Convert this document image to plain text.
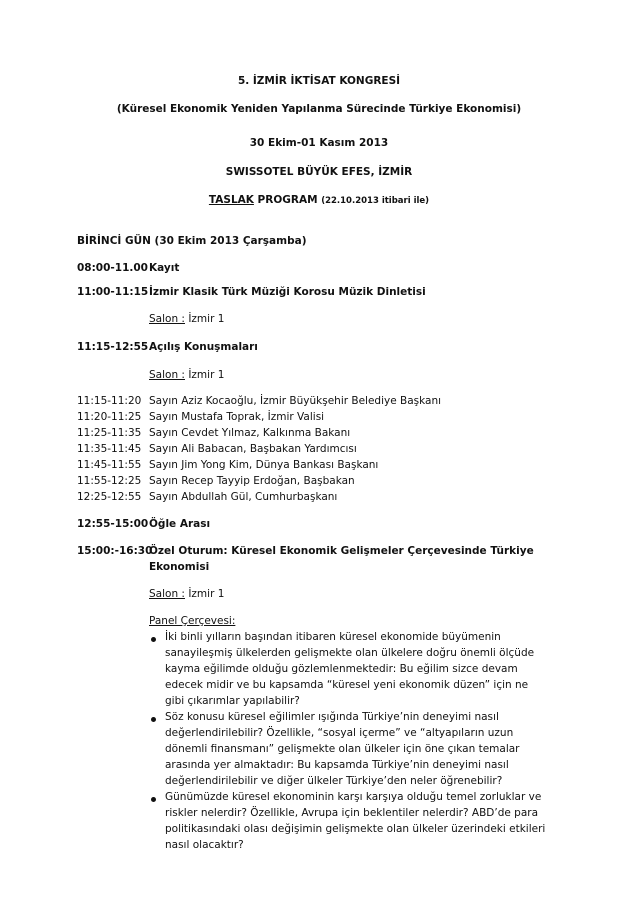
5. İZMİR İKTİSAT KONGRESİ
(Küresel Ekonomik Yeniden Yapılanma Sürecinde Türkiye Ekonomisi)
30 Ekim-01 Kasım 2013
SWISSOTEL BÜYÜK EFES, İZMİR
TASLAK PROGRAM (22.10.2013 itibari ile)
BİRİNCİ GÜN (30 Ekim 2013 Çarşamba)
08:00-11.00 Kayıt
11:00-11:15 İzmir Klasik Türk Müziği Korosu Müzik Dinletisi
Salon : İzmir 1
11:15-12:55 Açılış Konuşmaları
Salon : İzmir 1
11:15-11:20 Sayın Aziz Kocaoğlu, İzmir Büyükşehir Belediye Başkanı
11:20-11:25 Sayın Mustafa Toprak, İzmir Valisi
11:25-11:35 Sayın Cevdet Yılmaz, Kalkınma Bakanı
11:35-11:45 Sayın Ali Babacan, Başbakan Yardımcısı
11:45-11:55 Sayın Jim Yong Kim, Dünya Bankası Başkanı
11:55-12:25 Sayın Recep Tayyip Erdoğan, Başbakan
12:25-12:55 Sayın Abdullah Gül, Cumhurbaşkanı
12:55-15:00 Öğle Arası
15:00:-16:30
Özel Oturum: Küresel Ekonomik Gelişmeler Çerçevesinde Türkiye
Ekonomisi
Salon : İzmir 1
Panel Çerçevesi:
İki binli yılların başından itibaren küresel ekonomide büyümenin
sanayileşmiş ülkelerden gelişmekte olan ülkelere doğru önemli ölçüde
kayma eğilimde olduğu gözlemlenmektedir: Bu eğilim sizce devam
edecek midir ve bu kapsamda “küresel yeni ekonomik düzen” için ne
gibi çıkarımlar yapılabilir?
Söz konusu küresel eğilimler ışığında Türkiye’nin deneyimi nasıl
değerlendirilebilir? Özellikle, “sosyal içerme” ve “altyapıların uzun
dönemli finansmanı” gelişmekte olan ülkeler için öne çıkan temalar
arasında yer almaktadır: Bu kapsamda Türkiye’nin deneyimi nasıl
değerlendirilebilir ve diğer ülkeler Türkiye’den neler öğrenebilir?
Günümüzde küresel ekonominin karşı karşıya olduğu temel zorluklar ve
riskler nelerdir? Özellikle, Avrupa için beklentiler nelerdir? ABD’de para
politikasındaki olası değişimin gelişmekte olan ülkeler üzerindeki etkileri
nasıl olacaktır?
